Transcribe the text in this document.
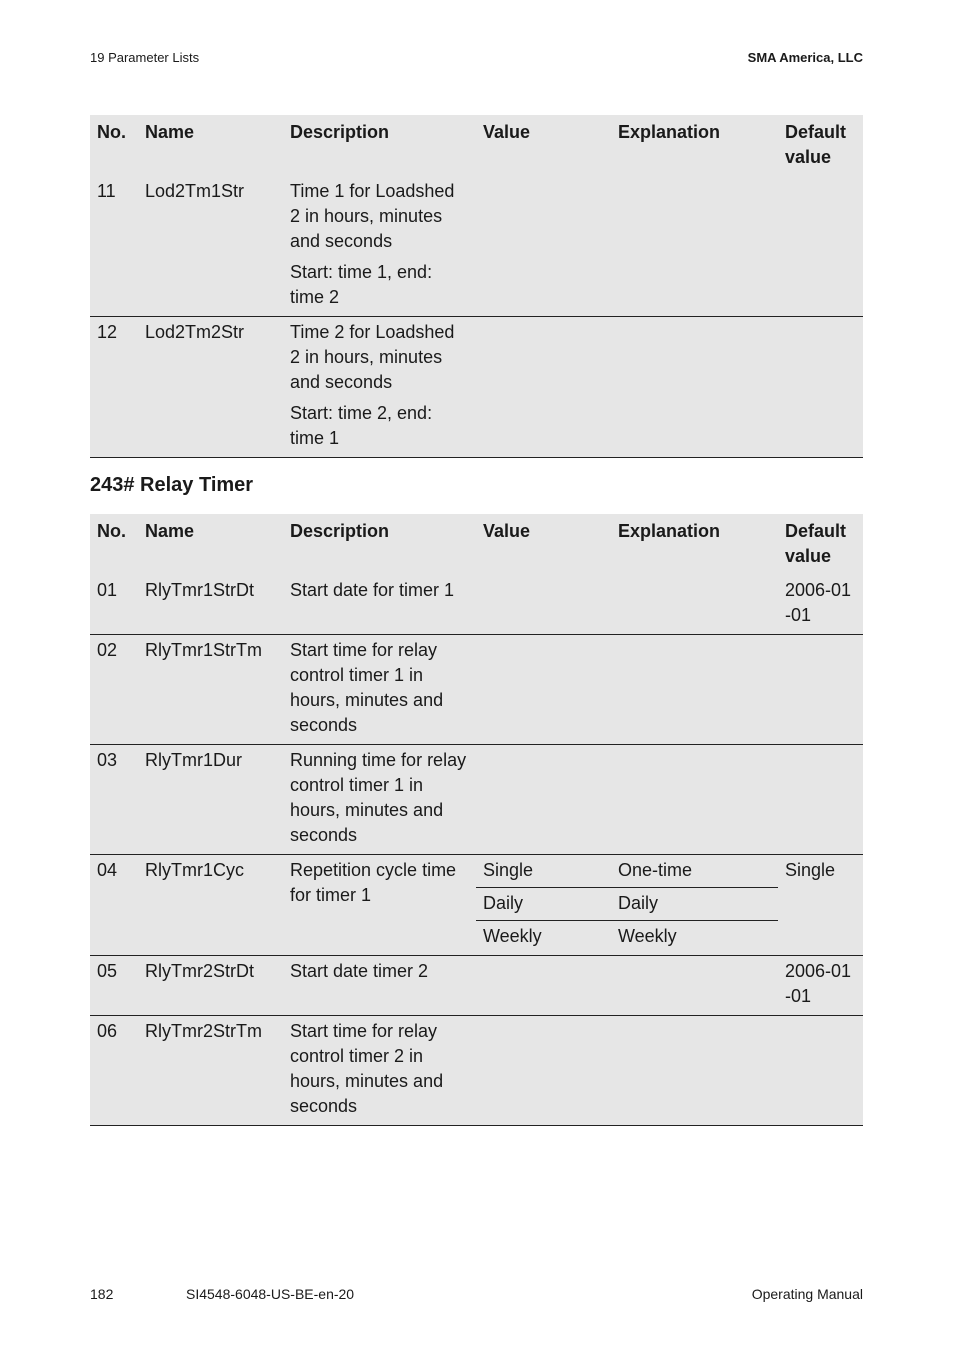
19 Parameter Lists	SMA America, LLC
No.	Name	Description	Value	Explanation	Default value
11	Lod2Tm1Str	Time 1 for Loadshed 2 in hours, minutes and seconds
Start: time 1, end: time 2			

12	Lod2Tm2Str	Time 2 for Loadshed 2 in hours, minutes and seconds
Start: time 2, end: time 1			

243# Relay Timer
No.	Name	Description	Value	Explanation	Default value
01	RlyTmr1StrDt	Start date for timer 1			2006-01-01
02	RlyTmr1StrTm	Start time for relay control timer 1 in hours, minutes and seconds			
03	RlyTmr1Dur	Running time for relay control timer 1 in hours, minutes and seconds			
04	RlyTmr1Cyc	Repetition cycle time for timer 1	Single	One-time	Single
			Daily	Daily	
			Weekly	Weekly	
05	RlyTmr2StrDt	Start date timer 2			2006-01-01
06	RlyTmr2StrTm	Start time for relay control timer 2 in hours, minutes and seconds			
182	SI4548-6048-US-BE-en-20	Operating Manual
